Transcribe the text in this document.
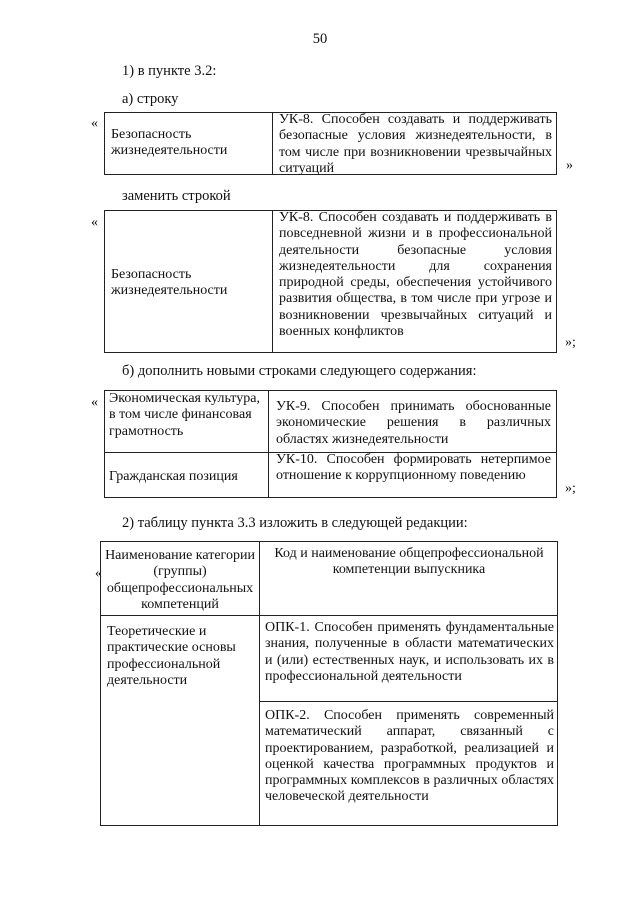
50
1) в пункте 3.2:
а) строку
«
Безопасность жизнедеятельности
УК-8. Способен создавать и поддерживать безопасные условия жизнедеятельности, в том числе при возникновении чрезвычайных ситуаций	»
заменить строкой
«
Безопасность жизнедеятельности
УК-8. Способен создавать и поддерживать в повседневной жизни и в профессиональной деятельности безопасные условия жизнедеятельности для сохранения природной среды, обеспечения устойчивого развития общества, в том числе при угрозе и возникновении чрезвычайных ситуаций и военных конфликтов
»;
б) дополнить новыми строками следующего содержания:
« Экономическая культура, в том числе финансовая грамотность
УК-9. Способен принимать обоснованные экономические решения в различных областях жизнедеятельности
Гражданская позиция
УК-10. Способен формировать нетерпимое отношение к коррупционному поведению
»;
2) таблицу пункта 3.3 изложить в следующей редакции:
«
Наименование категории (группы) общепрофессиональных компетенций
Код и наименование общепрофессиональной компетенции выпускника
Теоретические и практические основы профессиональной деятельности
ОПК-1. Способен применять фундаментальные знания, полученные в области математических и (или) естественных наук, и использовать их в профессиональной деятельности
ОПК-2. Способен применять современный математический аппарат, связанный с проектированием, разработкой, реализацией и оценкой качества программных продуктов и программных комплексов в различных областях человеческой деятельности
